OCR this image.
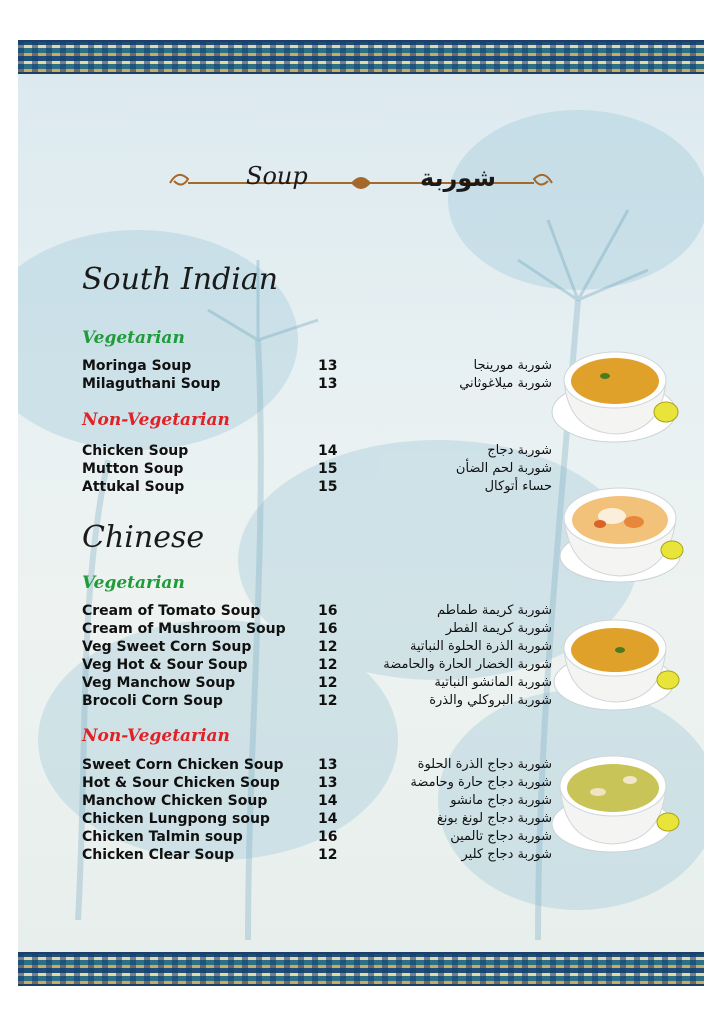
Soup	شوربة
South Indian
Vegetarian
Moringa Soup	13	شوربة مورينجا
Milaguthani Soup	13	شوربة ميلاغوثاني
Non-Vegetarian
Chicken Soup	14	شوربة دجاج
Mutton Soup	15	شوربة لحم الضأن
Attukal Soup	15	حساء أتوكال
Chinese
Vegetarian
Cream of Tomato Soup	16	شوربة كريمة طماطم
Cream of Mushroom Soup 16	شوربة كريمة الفطر
Veg Sweet Corn Soup	12	شوربة الذرة الحلوة النباتية
Veg Hot & Sour Soup	12	شوربة الخضار الحارة والحامضة
Veg Manchow Soup	12	شوربة المانشو النباتية
Brocoli Corn Soup	12	شوربة البروكلي والذرة
Non-Vegetarian
Sweet Corn Chicken Soup 13	شوربة دجاج الذرة الحلوة
Hot & Sour Chicken Soup	13	شوربة دجاج حارة وحامضة
Manchow Chicken Soup	14	شوربة دجاج مانشو
Chicken Lungpong soup	14	شوربة دجاج لونغ بونغ
Chicken Talmin soup	16	شوربة دجاج تالمين
Chicken Clear Soup	12	شوربة دجاج كلير
